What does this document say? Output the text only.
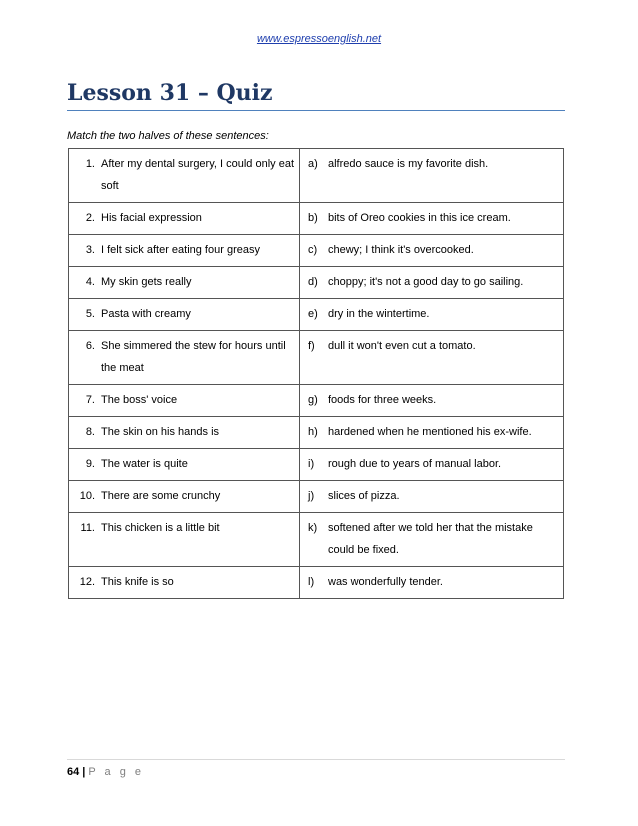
www.espressoenglish.net
Lesson 31 – Quiz
Match the two halves of these sentences:
1. After my dental surgery, I could only eat soft	a) alfredo sauce is my favorite dish.

2. His facial expression	b) bits of Oreo cookies in this ice cream.

3. I felt sick after eating four greasy	c) chewy; I think it's overcooked.

4. My skin gets really	d) choppy; it's not a good day to go sailing.

5. Pasta with creamy	e) dry in the wintertime.

6. She simmered the stew for hours until the meat	f) dull it won't even cut a tomato.

7. The boss' voice	g) foods for three weeks.

8. The skin on his hands is	h) hardened when he mentioned his ex-wife.

9. The water is quite	i) rough due to years of manual labor.

10. There are some crunchy	j) slices of pizza.

11. This chicken is a little bit	k) softened after we told her that the mistake could be fixed.

12. This knife is so	l) was wonderfully tender.
64 | P a g e
